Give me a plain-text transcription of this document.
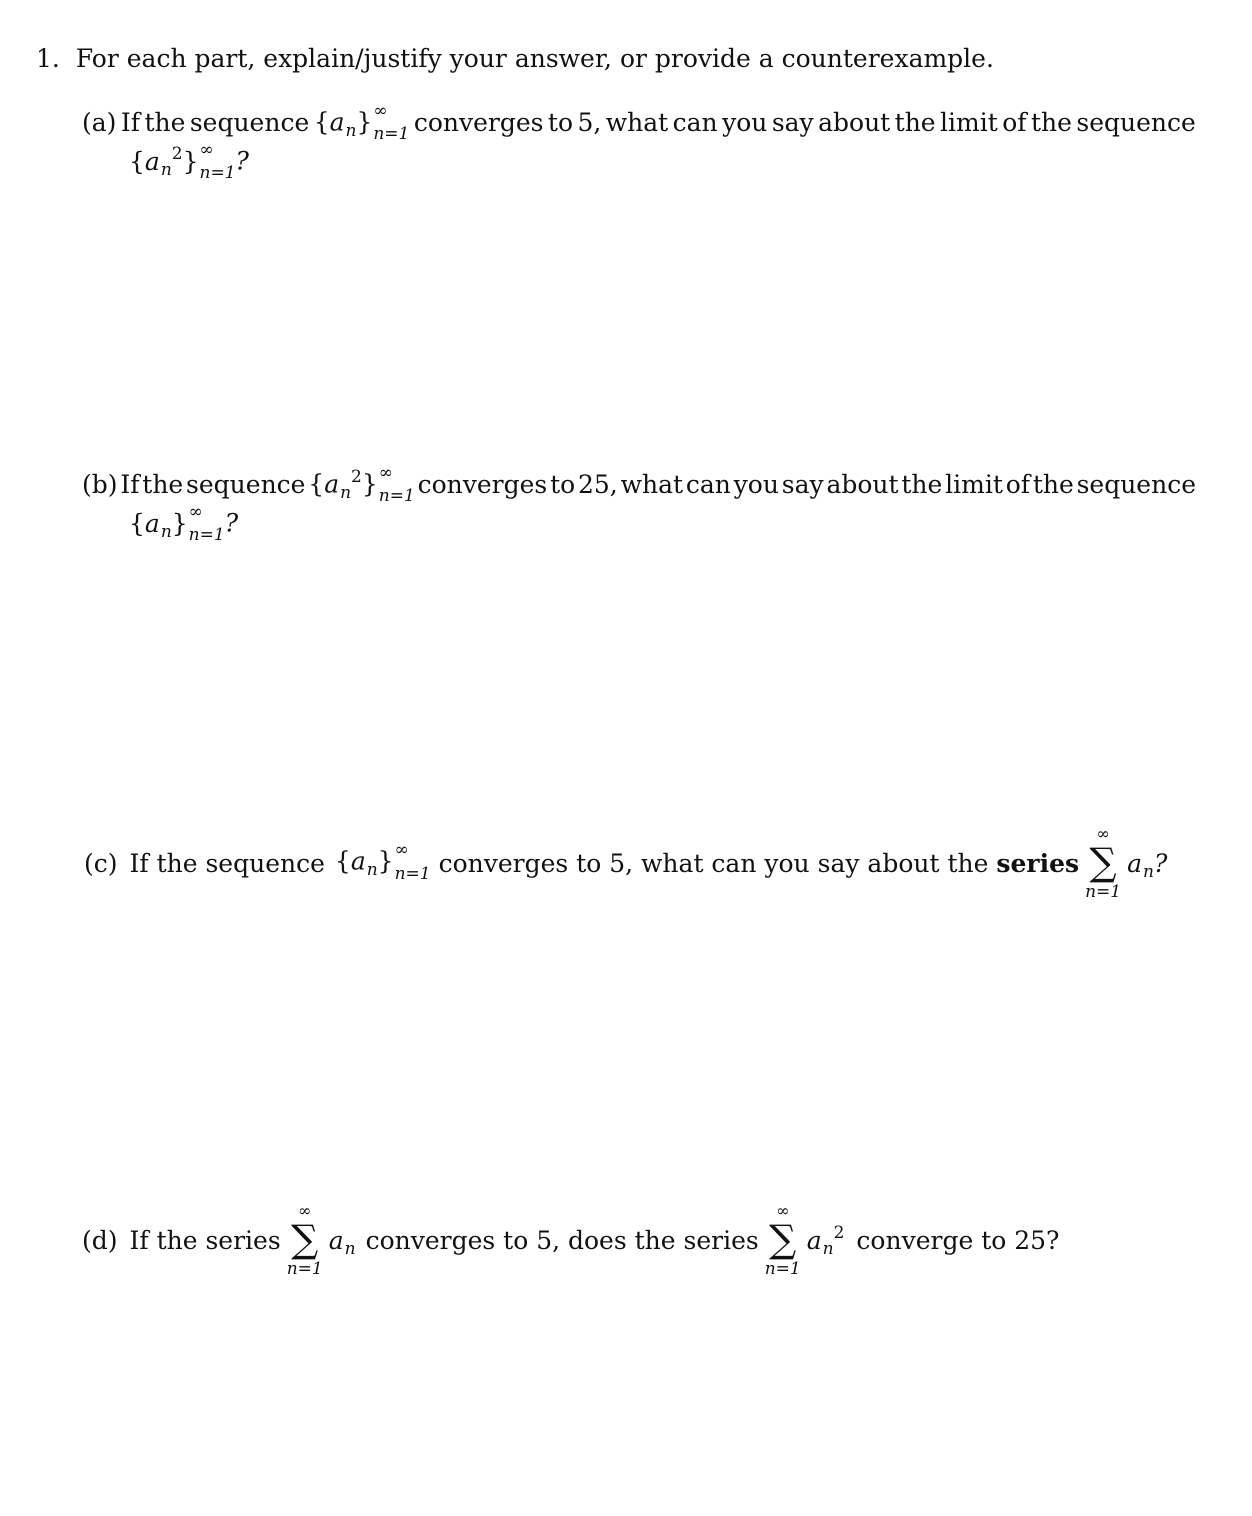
1. For each part, explain/justify your answer, or provide a counterexample.
(a) If the sequence $\{a_n\}$ ∞
n=1 converges to 5, what can you say about the limit of the sequence
$\{a_n^2\}$ ∞
n=1 ?
(b) If the sequence $\{a_n^2\}$ ∞
n=1 converges to 25, what can you say about the limit of the sequence
$\{a_n\}$ ∞
n=1 ?
(c) If the sequence $\{a_n\}$ ∞
n=1 converges to 5, what can you say about the series
∞
∑
n=1
$a_n$?
(d) If the series
∞
∑
n=1
$a_n$ converges to 5, does the series
∞
∑
n=1
$a_n^2$ converge to 25?
